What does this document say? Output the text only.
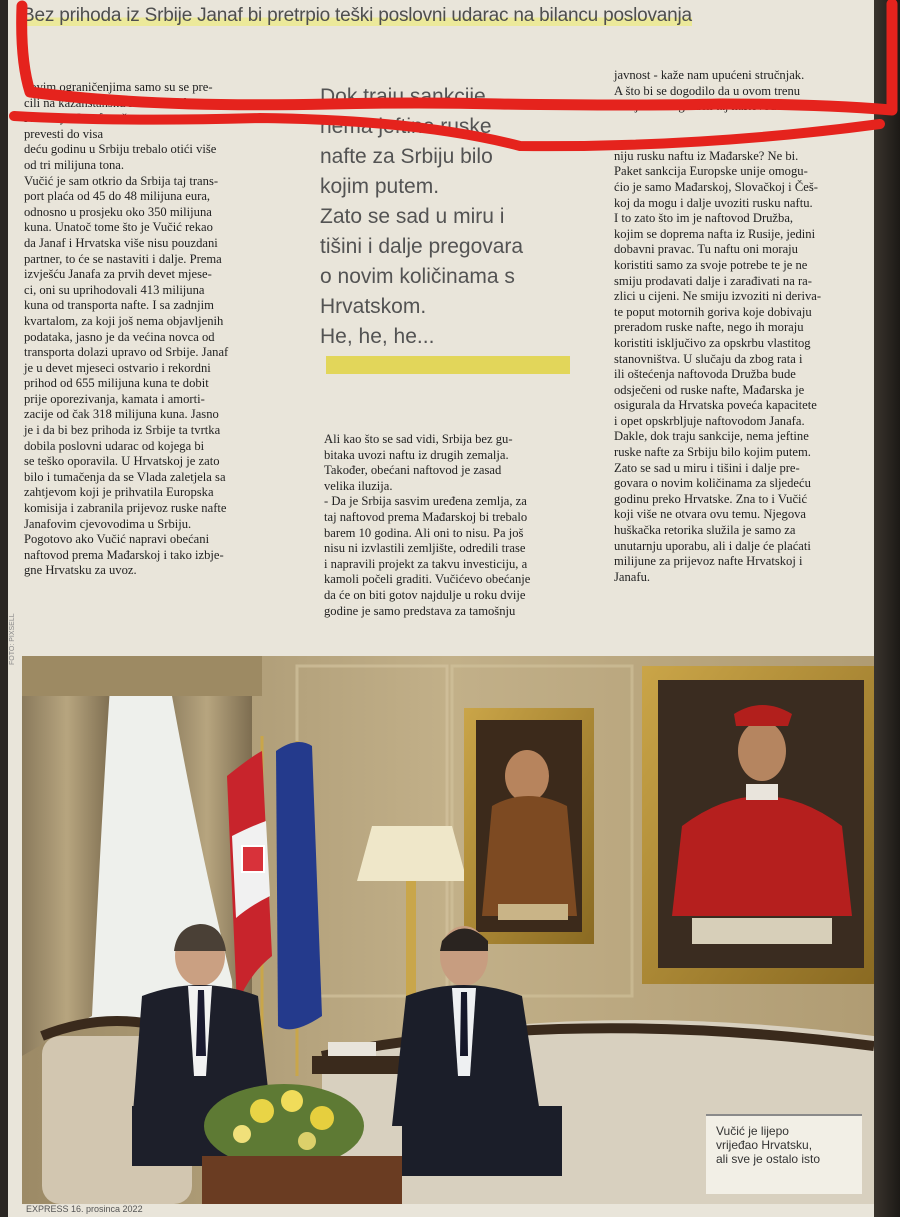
Bez prihoda iz Srbije Janaf bi pretrpio teški poslovni udarac na bilancu poslovanja

novim ograničenjima samo su se pre-

cili na kazahstansku i iračku naftu, a

i iz Azije. Janaf može

prevesti do visa

deću godinu u Srbiju trebalo otići više

od tri milijuna tona.

Vučić je sam otkrio da Srbija taj trans-

port plaća od 45 do 48 milijuna eura,

odnosno u prosjeku oko 350 milijuna

kuna. Unatoč tome što je Vučić rekao

da Janaf i Hrvatska više nisu pouzdani

partner, to će se nastaviti i dalje. Prema

izvješću Janafa za prvih devet mjese-

ci, oni su uprihodovali 413 milijuna

kuna od transporta nafte. I sa zadnjim

kvartalom, za koji još nema objavljenih

podataka, jasno je da većina novca od

transporta dolazi upravo od Srbije. Janaf

je u devet mjeseci ostvario i rekordni

prihod od 655 milijuna kuna te dobit

prije oporezivanja, kamata i amorti-

zacije od čak 318 milijuna kuna. Jasno

je i da bi bez prihoda iz Srbije ta tvrtka

dobila poslovni udarac od kojega bi

se teško oporavila. U Hrvatskoj je zato

bilo i tumačenja da se Vlada zaletjela sa

zahtjevom koji je prihvatila Europska

komisija i zabranila prijevoz ruske nafte

Janafovim cjevovodima u Srbiju.

Pogotovo ako Vučić napravi obećani

naftovod prema Mađarskoj i tako izbje-

gne Hrvatsku za uvoz.

Dok traju sankcije,

nema jeftine ruske

nafte za Srbiju bilo

kojim putem.

Zato se sad u miru i

tišini i dalje pregovara

o novim količinama s

Hrvatskom.

He, he, he...

Ali kao što se sad vidi, Srbija bez gu-

bitaka uvozi naftu iz drugih zemalja.

Također, obećani naftovod je zasad

velika iluzija.

- Da je Srbija sasvim uređena zemlja, za

taj naftovod prema Mađarskoj bi trebalo

barem 10 godina. Ali oni to nisu. Pa još

nisu ni izvlastili zemljište, odredili trase

i napravili projekt za takvu investiciju, a

kamoli počeli graditi. Vučićevo obećanje

da će on biti gotov najdulje u roku dvije

godine je samo predstava za tamošnju

javnost - kaže nam upućeni stručnjak.

A što bi se dogodilo da u ovom trenu

Srbija ima izgrađen taj naftovod

niju rusku naftu iz Mađarske? Ne bi.

Paket sankcija Europske unije omogu-

ćio je samo Mađarskoj, Slovačkoj i Češ-

koj da mogu i dalje uvoziti rusku naftu.

I to zato što im je naftovod Družba,

kojim se doprema nafta iz Rusije, jedini

dobavni pravac. Tu naftu oni moraju

koristiti samo za svoje potrebe te je ne

smiju prodavati dalje i zarađivati na ra-

zlici u cijeni. Ne smiju izvoziti ni deriva-

te poput motornih goriva koje dobivaju

preradom ruske nafte, nego ih moraju

koristiti isključivo za opskrbu vlastitog

stanovništva. U slučaju da zbog rata i

ili oštećenja naftovoda Družba bude

odsječeni od ruske nafte, Mađarska je

osigurala da Hrvatska poveća kapacitete

i opet opskrbljuje naftovodom Janafa.

Dakle, dok traju sankcije, nema jeftine

ruske nafte za Srbiju bilo kojim putem.

Zato se sad u miru i tišini i dalje pre-

govara o novim količinama za sljedeću

godinu preko Hrvatske. Zna to i Vučić

koji više ne otvara ovu temu. Njegova

huškačka retorika služila je samo za

unutarnju uporabu, ali i dalje će plaćati

milijune za prijevoz nafte Hrvatskoj i

Janafu.

FOTO: PIXSELL
Vučić je lijepo
vrijeđao Hrvatsku,
ali sve je ostalo isto
EXPRESS 16. prosinca 2022
